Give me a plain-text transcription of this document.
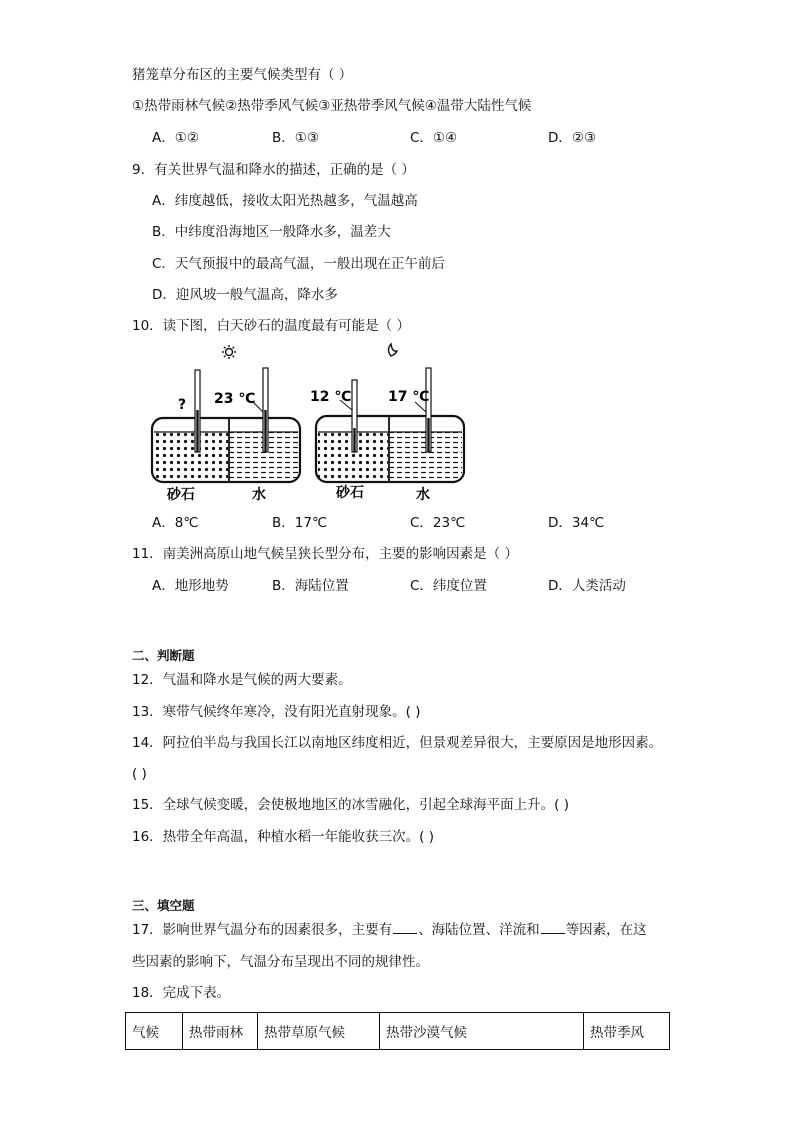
猪笼草分布区的主要气候类型有（ ）
①热带雨林气候②热带季风气候③亚热带季风气候④温带大陆性气候
A．①②	B．①③	C．①④	D．②③
9．有关世界气温和降水的描述，正确的是（ ）
A．纬度越低，接收太阳光热越多，气温越高
B．中纬度沿海地区一般降水多，温差大
C．天气预报中的最高气温，一般出现在正午前后
D．迎风坡一般气温高，降水多
10．读下图，白天砂石的温度最有可能是（ ）
? 23 ℃
砂石	水
12 ℃	17 ℃
砂石	水
A．8℃	B．17℃	C．23℃	D．34℃
11．南美洲高原山地气候呈狭长型分布，主要的影响因素是（ ）
A．地形地势	B．海陆位置	C．纬度位置	D．人类活动
二、判断题
12．气温和降水是气候的两大要素。
13．寒带气候终年寒冷，没有阳光直射现象。( )
14．阿拉伯半岛与我国长江以南地区纬度相近，但景观差异很大，主要原因是地形因素。
( )
15．全球气候变暖，会使极地地区的冰雪融化，引起全球海平面上升。( )
16．热带全年高温，种植水稻一年能收获三次。( )
三、填空题
17．影响世界气温分布的因素很多，主要有 、海陆位置、洋流和 等因素，在这
些因素的影响下，气温分布呈现出不同的规律性。
18．完成下表。
气候	热带雨林	热带草原气候	热带沙漠气候	热带季风
